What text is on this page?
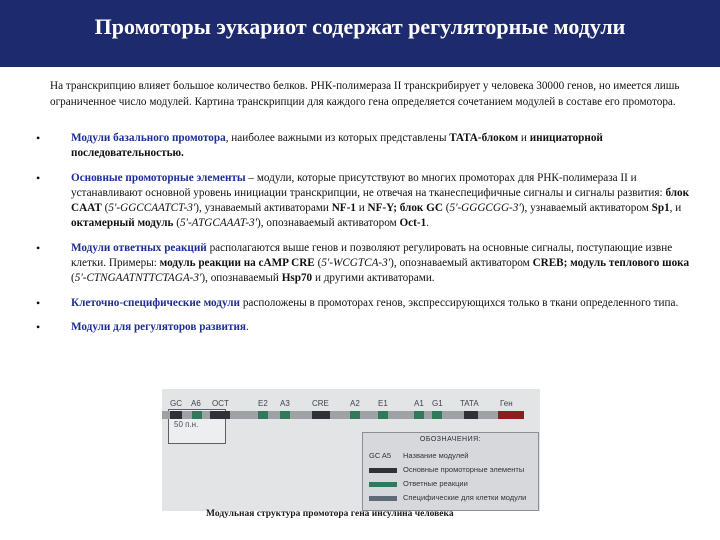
Промоторы эукариот содержат регуляторные модули
На транскрипцию влияет большое количество белков. РНК-полимераза II транскрибирует у человека 30000 генов, но имеется лишь ограниченное число модулей. Картина транскрипции для каждого гена определяется сочетанием модулей в составе его промотора.
•	Модули базального промотора, наиболее важными из которых представлены TATA-блоком и инициаторной последовательностью.
•	Основные промоторные элементы – модули, которые присутствуют во многих промоторах для РНК-полимераза II и устанавливают основной уровень инициации транскрипции, не отвечая на тканеспецифичные сигналы и сигналы развития: блок CAAT (5'-GGCCAATCT-3'), узнаваемый активаторами NF-1 и NF-Y; блок GC (5'-GGGCGG-3'), узнаваемый активатором Sp1, и октамерный модуль (5'-ATGCAAAT-3'), опознаваемый активатором Oct-1.
•	Модули ответных реакций располагаются выше генов и позволяют регулировать на основные сигналы, поступающие извне клетки. Примеры: модуль реакции на cAMP CRE (5'-WCGTCA-3'), опознаваемый активатором CREB; модуль теплового шока (5'-CTNGAATNTTCTAGA-3'), опознаваемый Hsp70 и другими активаторами.
•	Клеточно-специфические модули расположены в промоторах генов, экспрессирующихся только в ткани определенного типа.
•	Модули для регуляторов развития.
50 п.н.
GC A6 OCT	E2 A3	CRE	A2 E1	A1 G1 TATA	Ген
ОБОЗНАЧЕНИЯ:
GC A5 Название модулей
Основные промоторные элементы
Ответные реакции
Специфические для клетки модули
Модульная структура промотора гена инсулина человека
